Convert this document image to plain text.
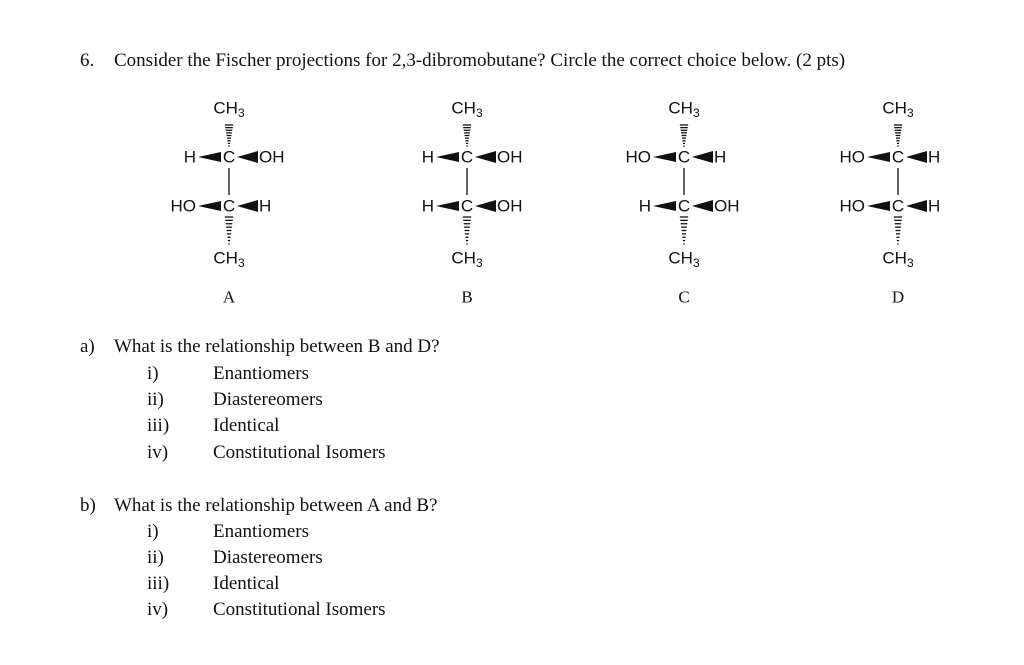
6. Consider the Fischer projections for 2,3-dibromobutane? Circle the correct choice below. (2 pts)
$CH_3$
C
C
$CH_3$
H	OH
HO	H
A
$CH_3$
C
C
$CH_3$
H	OH
H	OH
B
$CH_3$
C
C
$CH_3$
HO	H
H	OH
C
$CH_3$
C
C
$CH_3$
HO	H
HO	H
D
a) What is the relationship between B and D?
i)	Enantiomers
ii)	Diastereomers
iii) Identical
iv) Constitutional Isomers
b) What is the relationship between A and B?
i)	Enantiomers
ii)	Diastereomers
iii) Identical
iv) Constitutional Isomers
